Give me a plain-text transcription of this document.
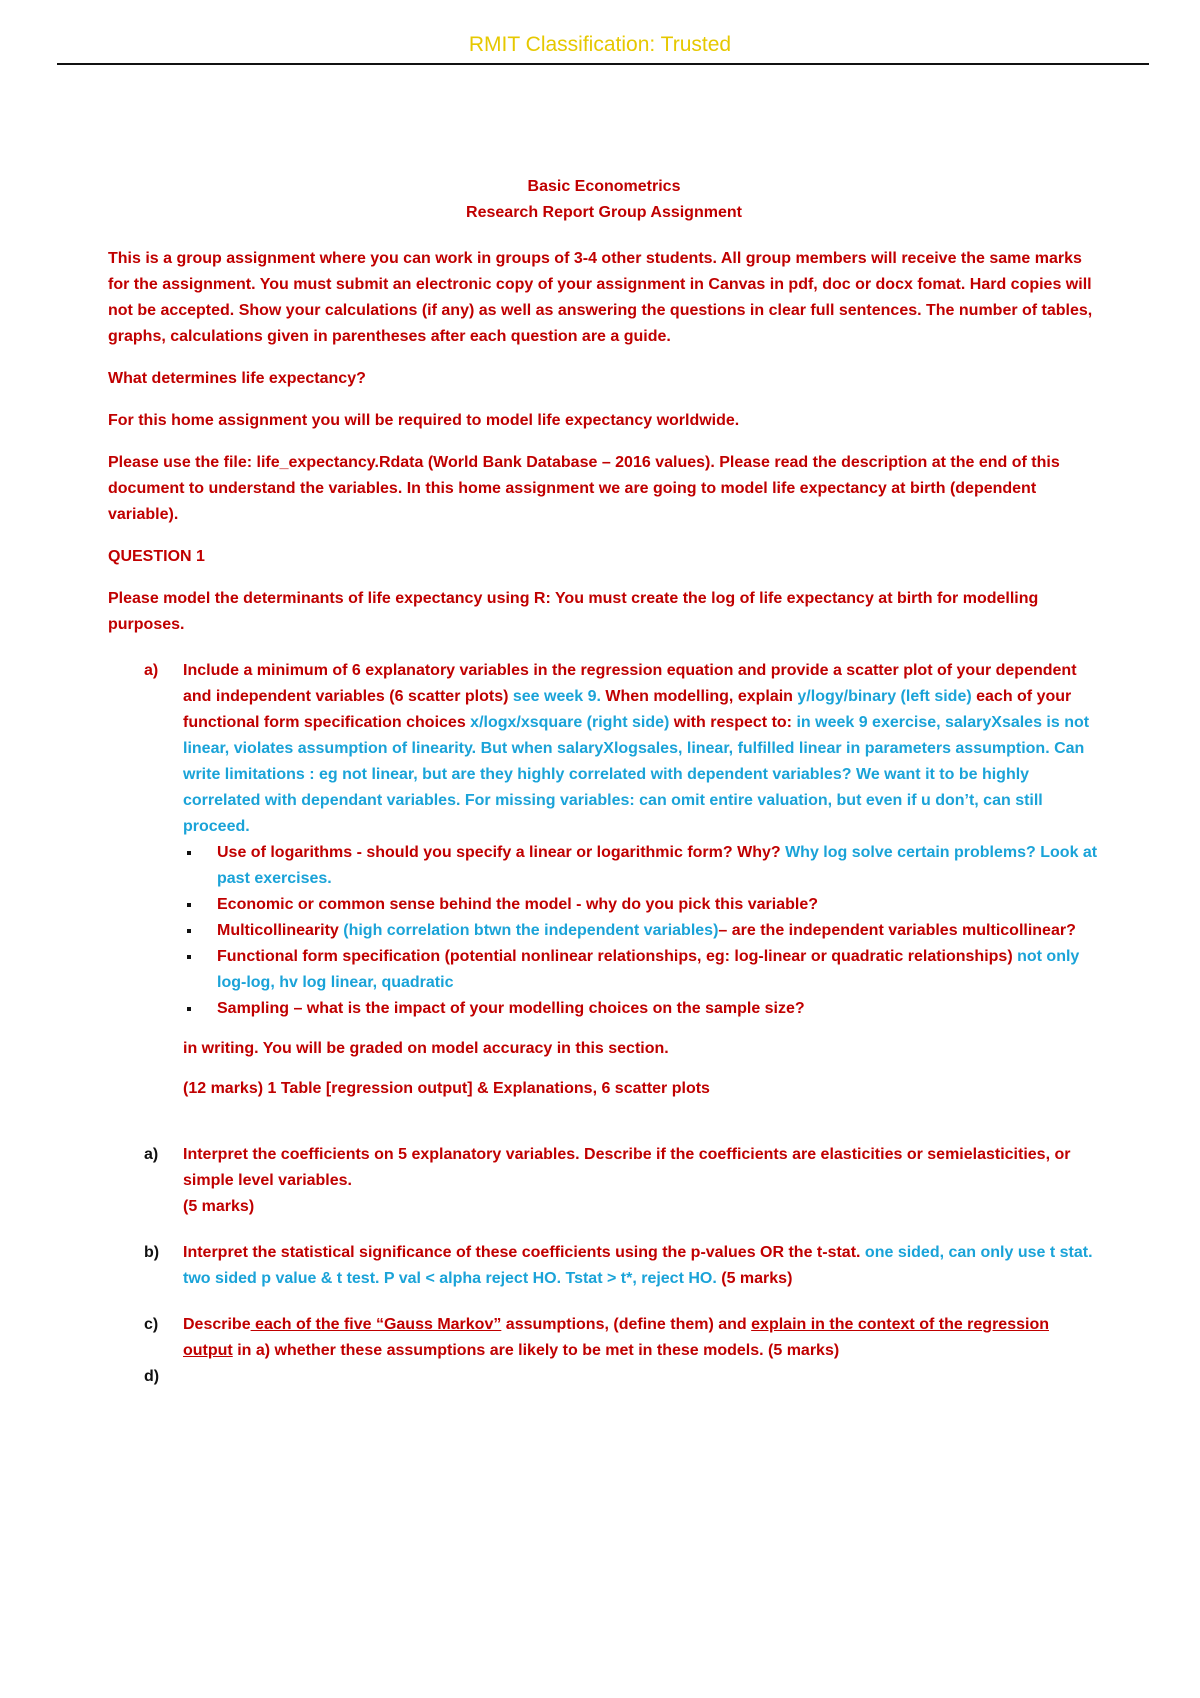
RMIT Classification: Trusted
Basic Econometrics
Research Report Group Assignment

This is a group assignment where you can work in groups of 3-4 other students. All group members will receive the same marks for the assignment. You must submit an electronic copy of your assignment in Canvas in pdf, doc or docx fomat. Hard copies will not be accepted. Show your calculations (if any) as well as answering the questions in clear full sentences. The number of tables, graphs, calculations given in parentheses after each question are a guide.

What determines life expectancy?

For this home assignment you will be required to model life expectancy worldwide.

Please use the file: life_expectancy.Rdata (World Bank Database – 2016 values). Please read the description at the end of this document to understand the variables. In this home assignment we are going to model life expectancy at birth (dependent variable).

QUESTION 1

Please model the determinants of life expectancy using R: You must create the log of life expectancy at birth for modelling purposes.

a) Include a minimum of 6 explanatory variables in the regression equation and provide a scatter plot of your dependent and independent variables (6 scatter plots) see week 9. When modelling, explain y/logy/binary (left side) each of your functional form specification choices x/logx/xsquare (right side) with respect to: in week 9 exercise, salaryXsales is not linear, violates assumption of linearity. But when salaryXlogsales, linear, fulfilled linear in parameters assumption. Can write limitations : eg not linear, but are they highly correlated with dependent variables? We want it to be highly correlated with dependant variables. For missing variables: can omit entire valuation, but even if u don’t, can still proceed.
Use of logarithms - should you specify a linear or logarithmic form? Why? Why log solve certain problems? Look at past exercises.
Economic or common sense behind the model - why do you pick this variable?
Multicollinearity (high correlation btwn the independent variables)– are the independent variables multicollinear?
Functional form specification (potential nonlinear relationships, eg: log-linear or quadratic relationships) not only log-log, hv log linear, quadratic
Sampling – what is the impact of your modelling choices on the sample size?

in writing. You will be graded on model accuracy in this section.

(12 marks) 1 Table [regression output] & Explanations, 6 scatter plots

a) Interpret the coefficients on 5 explanatory variables. Describe if the coefficients are elasticities or semielasticities, or simple level variables.
(5 marks)
b) Interpret the statistical significance of these coefficients using the p-values OR the t-stat. one sided, can only use t stat. two sided p value & t test. P val < alpha reject HO. Tstat > t*, reject HO. (5 marks)
c) Describe each of the five “Gauss Markov” assumptions, (define them) and explain in the context of the regression output in a) whether these assumptions are likely to be met in these models. (5 marks)
d)
